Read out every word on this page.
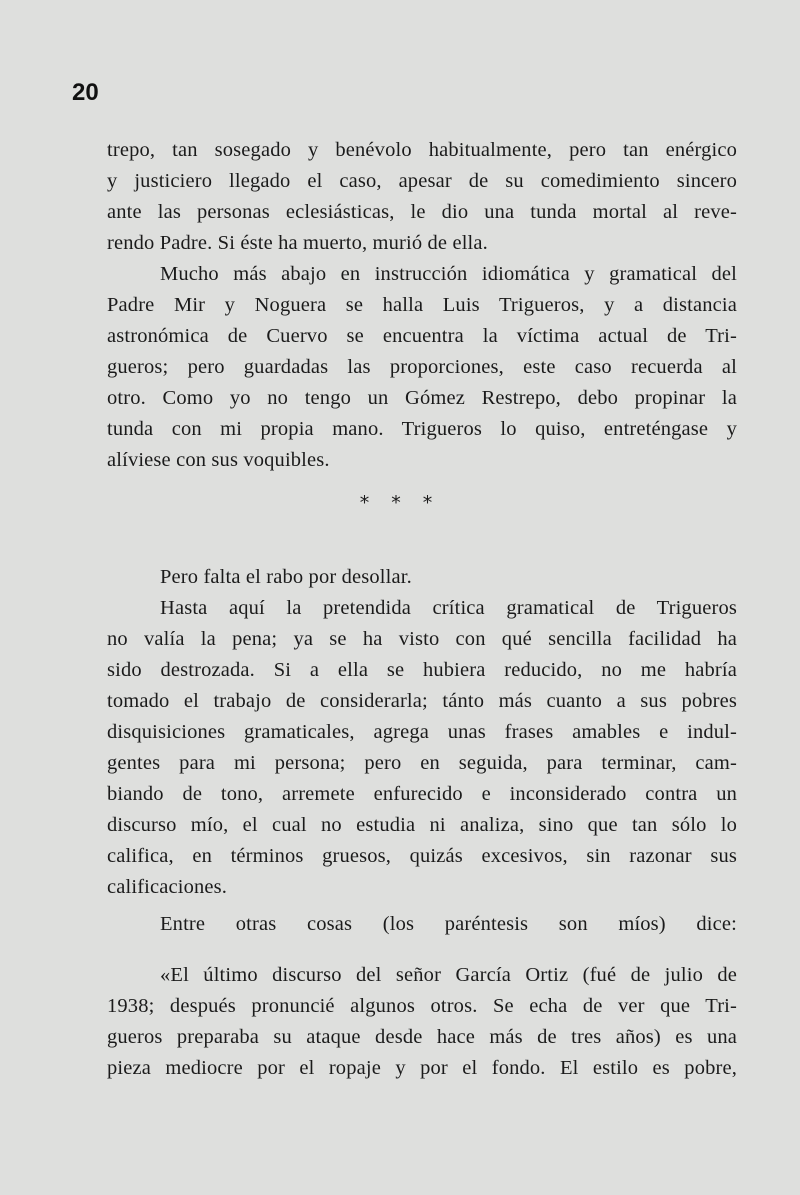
20
trepo, tan sosegado y benévolo habitualmente, pero tan enérgico
y justiciero llegado el caso, apesar de su comedimiento sincero
ante las personas eclesiásticas, le dio una tunda mortal al reve-
rendo Padre. Si éste ha muerto, murió de ella.
Mucho más abajo en instrucción idiomática y gramatical del
Padre Mir y Noguera se halla Luis Trigueros, y a distancia
astronómica de Cuervo se encuentra la víctima actual de Tri-
gueros; pero guardadas las proporciones, este caso recuerda al
otro. Como yo no tengo un Gómez Restrepo, debo propinar la
tunda con mi propia mano. Trigueros lo quiso, entreténgase y
alíviese con sus voquibles.
* * *
Pero falta el rabo por desollar.
Hasta aquí la pretendida crítica gramatical de Trigueros
no valía la pena; ya se ha visto con qué sencilla facilidad ha
sido destrozada. Si a ella se hubiera reducido, no me habría
tomado el trabajo de considerarla; tánto más cuanto a sus pobres
disquisiciones gramaticales, agrega unas frases amables e indul-
gentes para mi persona; pero en seguida, para terminar, cam-
biando de tono, arremete enfurecido e inconsiderado contra un
discurso mío, el cual no estudia ni analiza, sino que tan sólo lo
califica, en términos gruesos, quizás excesivos, sin razonar sus
calificaciones.
Entre otras cosas (los paréntesis son míos) dice:
«El último discurso del señor García Ortiz (fué de julio de
1938; después pronuncié algunos otros. Se echa de ver que Tri-
gueros preparaba su ataque desde hace más de tres años) es una
pieza mediocre por el ropaje y por el fondo. El estilo es pobre,
